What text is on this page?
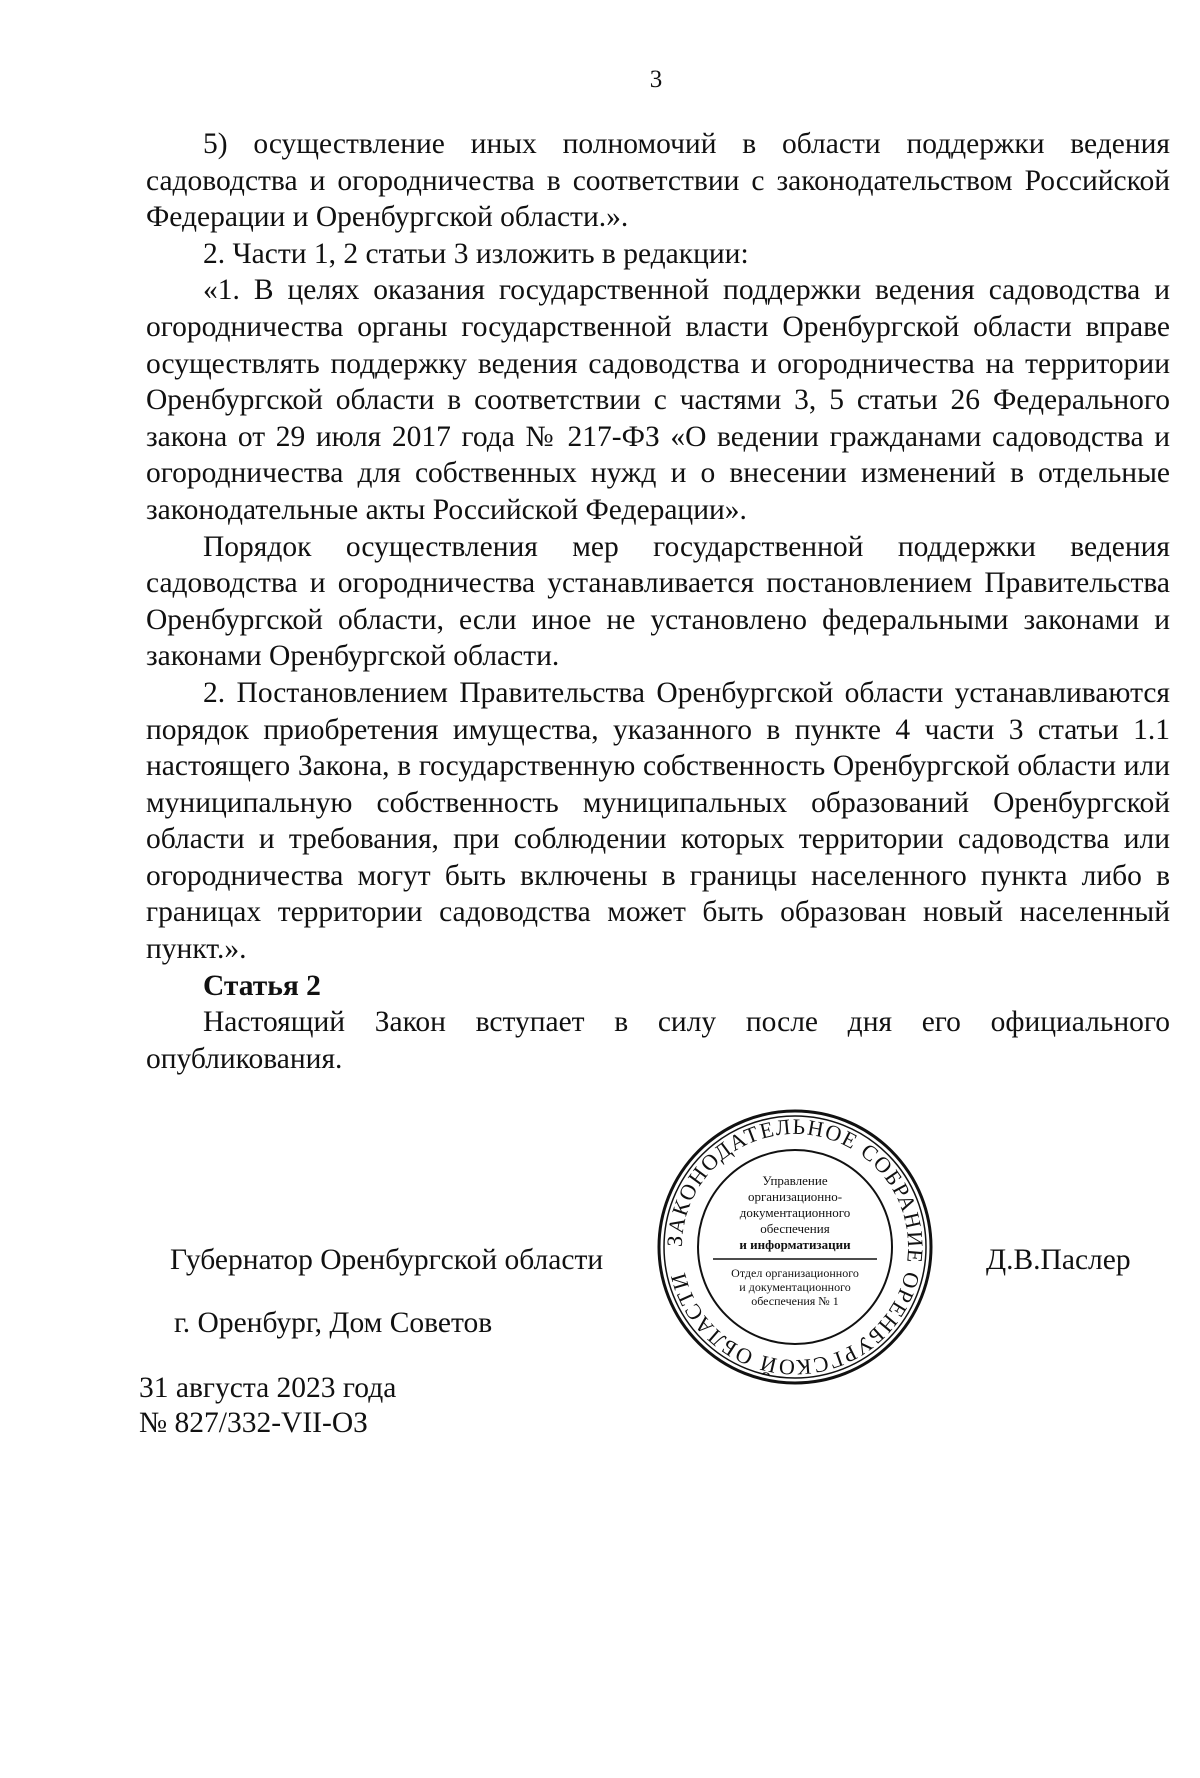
3

5) осуществление иных полномочий в области поддержки ведения садоводства и огородничества в соответствии с законодательством Российской Федерации и Оренбургской области.».

2. Части 1, 2 статьи 3 изложить в редакции:

«1. В целях оказания государственной поддержки ведения садоводства и огородничества органы государственной власти Оренбургской области вправе осуществлять поддержку ведения садоводства и огородничества на территории Оренбургской области в соответствии с частями 3, 5 статьи 26 Федерального закона от 29 июля 2017 года № 217-ФЗ «О ведении гражданами садоводства и огородничества для собственных нужд и о внесении изменений в отдельные законодательные акты Российской Федерации».

Порядок осуществления мер государственной поддержки ведения садоводства и огородничества устанавливается постановлением Правительства Оренбургской области, если иное не установлено федеральными законами и законами Оренбургской области.

2. Постановлением Правительства Оренбургской области устанавливаются порядок приобретения имущества, указанного в пункте 4 части 3 статьи 1.1 настоящего Закона, в государственную собственность Оренбургской области или муниципальную собственность муниципальных образований Оренбургской области и требования, при соблюдении которых территории садоводства или огородничества могут быть включены в границы населенного пункта либо в границах территории садоводства может быть образован новый населенный пункт.».

Статья 2

Настоящий Закон вступает в силу после дня его официального опубликования.

Губернатор Оренбургской области	Д.В.Паслер
г. Оренбург, Дом Советов
31 августа 2023 года
№ 827/332-VII-ОЗ
ЗАКОНОДАТЕЛЬНОЕ СОБРАНИЕ ОРЕНБУРГСКОЙ ОБЛАСТИ
Управление
организационно-
документационного
обеспечения
и информатизации
Отдел организационного
и документационного
обеспечения № 1
